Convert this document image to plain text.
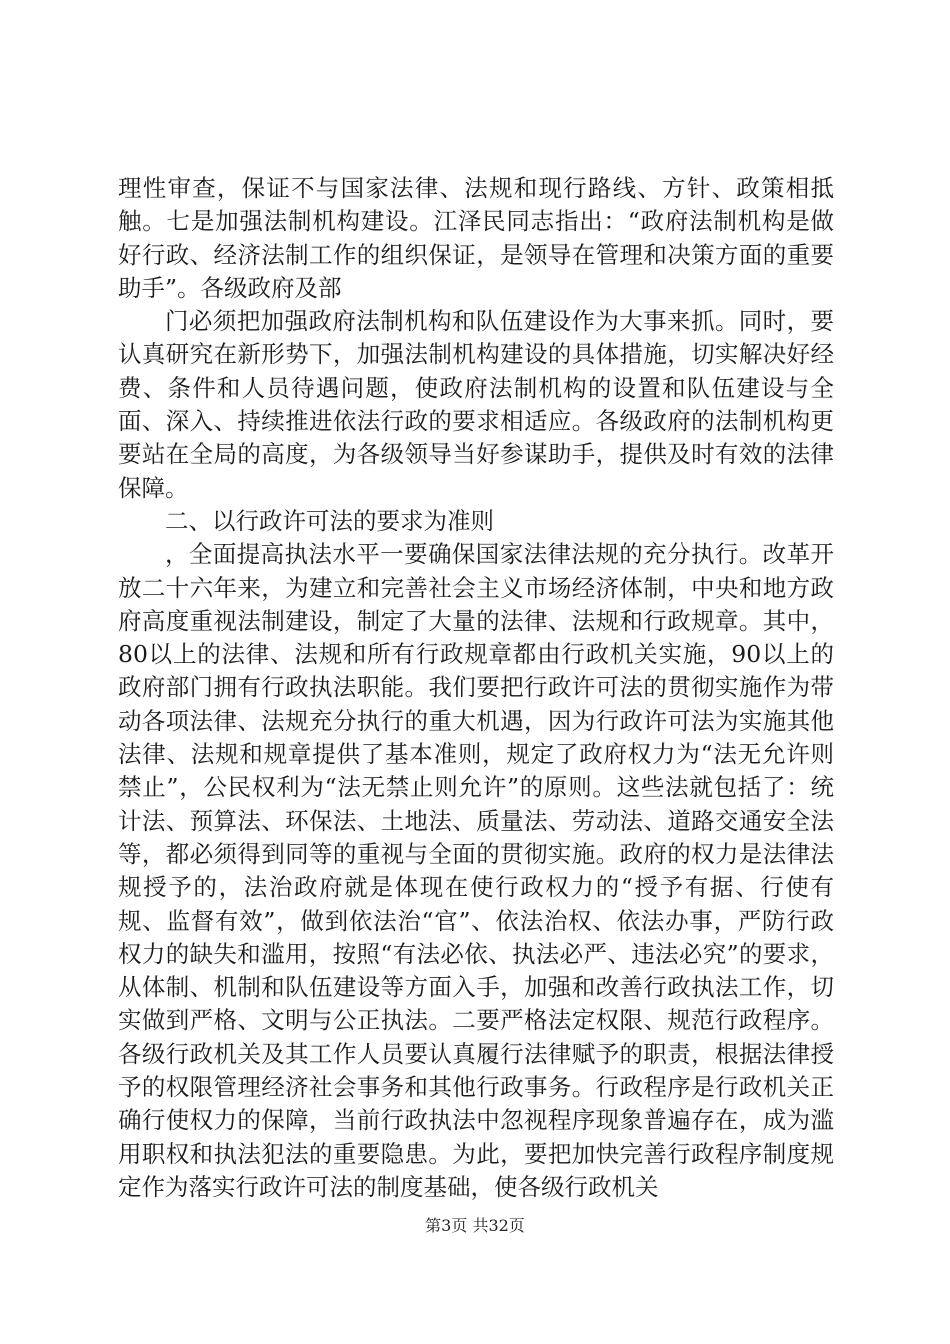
理性审查，保证不与国家法律、法规和现行路线、方针、政策相抵触。七是加强法制机构建设。江泽民同志指出：“政府法制机构是做好行政、经济法制工作的组织保证，是领导在管理和决策方面的重要助手”。各级政府及部

门必须把加强政府法制机构和队伍建设作为大事来抓。同时，要认真研究在新形势下，加强法制机构建设的具体措施，切实解决好经费、条件和人员待遇问题，使政府法制机构的设置和队伍建设与全面、深入、持续推进依法行政的要求相适应。各级政府的法制机构更要站在全局的高度，为各级领导当好参谋助手，提供及时有效的法律保障。

二、以行政许可法的要求为准则

，全面提高执法水平一要确保国家法律法规的充分执行。改革开放二十六年来，为建立和完善社会主义市场经济体制，中央和地方政府高度重视法制建设，制定了大量的法律、法规和行政规章。其中，80以上的法律、法规和所有行政规章都由行政机关实施，90以上的政府部门拥有行政执法职能。我们要把行政许可法的贯彻实施作为带动各项法律、法规充分执行的重大机遇，因为行政许可法为实施其他法律、法规和规章提供了基本准则，规定了政府权力为“法无允许则禁止”，公民权利为“法无禁止则允许”的原则。这些法就包括了：统计法、预算法、环保法、土地法、质量法、劳动法、道路交通安全法等，都必须得到同等的重视与全面的贯彻实施。政府的权力是法律法规授予的，法治政府就是体现在使行政权力的“授予有据、行使有规、监督有效”，做到依法治“官”、依法治权、依法办事，严防行政权力的缺失和滥用，按照“有法必依、执法必严、违法必究”的要求，从体制、机制和队伍建设等方面入手，加强和改善行政执法工作，切实做到严格、文明与公正执法。二要严格法定权限、规范行政程序。各级行政机关及其工作人员要认真履行法律赋予的职责，根据法律授予的权限管理经济社会事务和其他行政事务。行政程序是行政机关正确行使权力的保障，当前行政执法中忽视程序现象普遍存在，成为滥用职权和执法犯法的重要隐患。为此，要把加快完善行政程序制度规定作为落实行政许可法的制度基础，使各级行政机关

第3页 共32页
